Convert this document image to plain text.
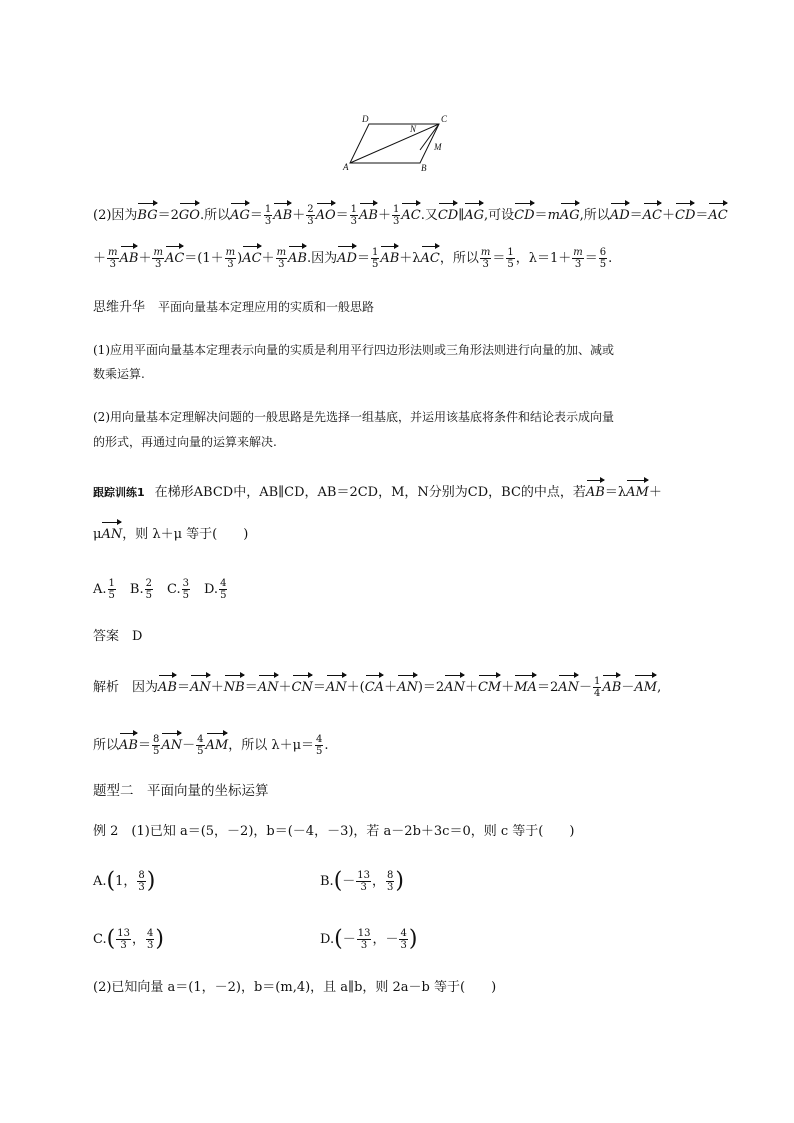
D	C
N
M
A	B
(2)因为BG＝2GO.所以$AG= \frac{1}{3} AB+ \frac{2}{3} AO= \frac{1}{3} AB+ \frac{1}{3}$ AC.又CD∥AG,可设CD＝mAG,所以AD＝AC＋CD＝AC
＋ $\frac{m}{3} AB+ \frac{m}{3} AC=(1+ \frac{m}{3} )AC+ \frac{m}{3}$ AB.因为$AD= \frac{1}{5} AB+\lambda AC$，所以 $\frac{m}{3} = \frac{1}{5}$ ，$\lambda=1+ \frac{m}{3} = \frac{6}{5}$ .
思维升华　 平面向量基本定理应用的实质和一般思路
(1)应用平面向量基本定理表示向量的实质是利用平行四边形法则或三角形法则进行向量的加、减或
数乘运算.
(2)用向量基本定理解决问题的一般思路是先选择一组基底，并运用该基底将条件和结论表示成向量
的形式，再通过向量的运算来解决.
跟踪训练1 在梯形ABCD中，AB∥CD，AB＝2CD，M，N分别为CD，BC的中点，若AB＝λAM＋
μAN，则 λ＋μ 等于(　　)
A. $\frac{1}{5}$ 　B. $\frac{2}{5}$ 　C. $\frac{3}{5}$ 　D. $\frac{4}{5}$
答案　D
解析　 因为$AB=AN+NB=AN+CN=AN+(CA+AN)=2AN+CM+MA=2AN- \frac{1}{4} AB-AM$,
所以$AB= \frac{8}{5} AN- \frac{4}{5}$ AM，所以 $\lambda+\mu= \frac{4}{5}$ .
题型二　平面向量的坐标运算
例 2　 (1)已知 a＝(5，－2)，b＝(－4，－3)，若 a－2b＋3c＝0，则 c 等于(　　)
A.(1， $\frac{8}{3}$ )	$B.(- \frac{13}{3}$ ， $\frac{8}{3}$ )
$C.( \frac{13}{3}$ ， $\frac{4}{3}$ )	$D.(- \frac{13}{3}$ ，－ $\frac{4}{3}$ )
(2)已知向量 a＝(1，－2)，b＝(m,4)，且 a∥b，则 2a－b 等于(　　)
